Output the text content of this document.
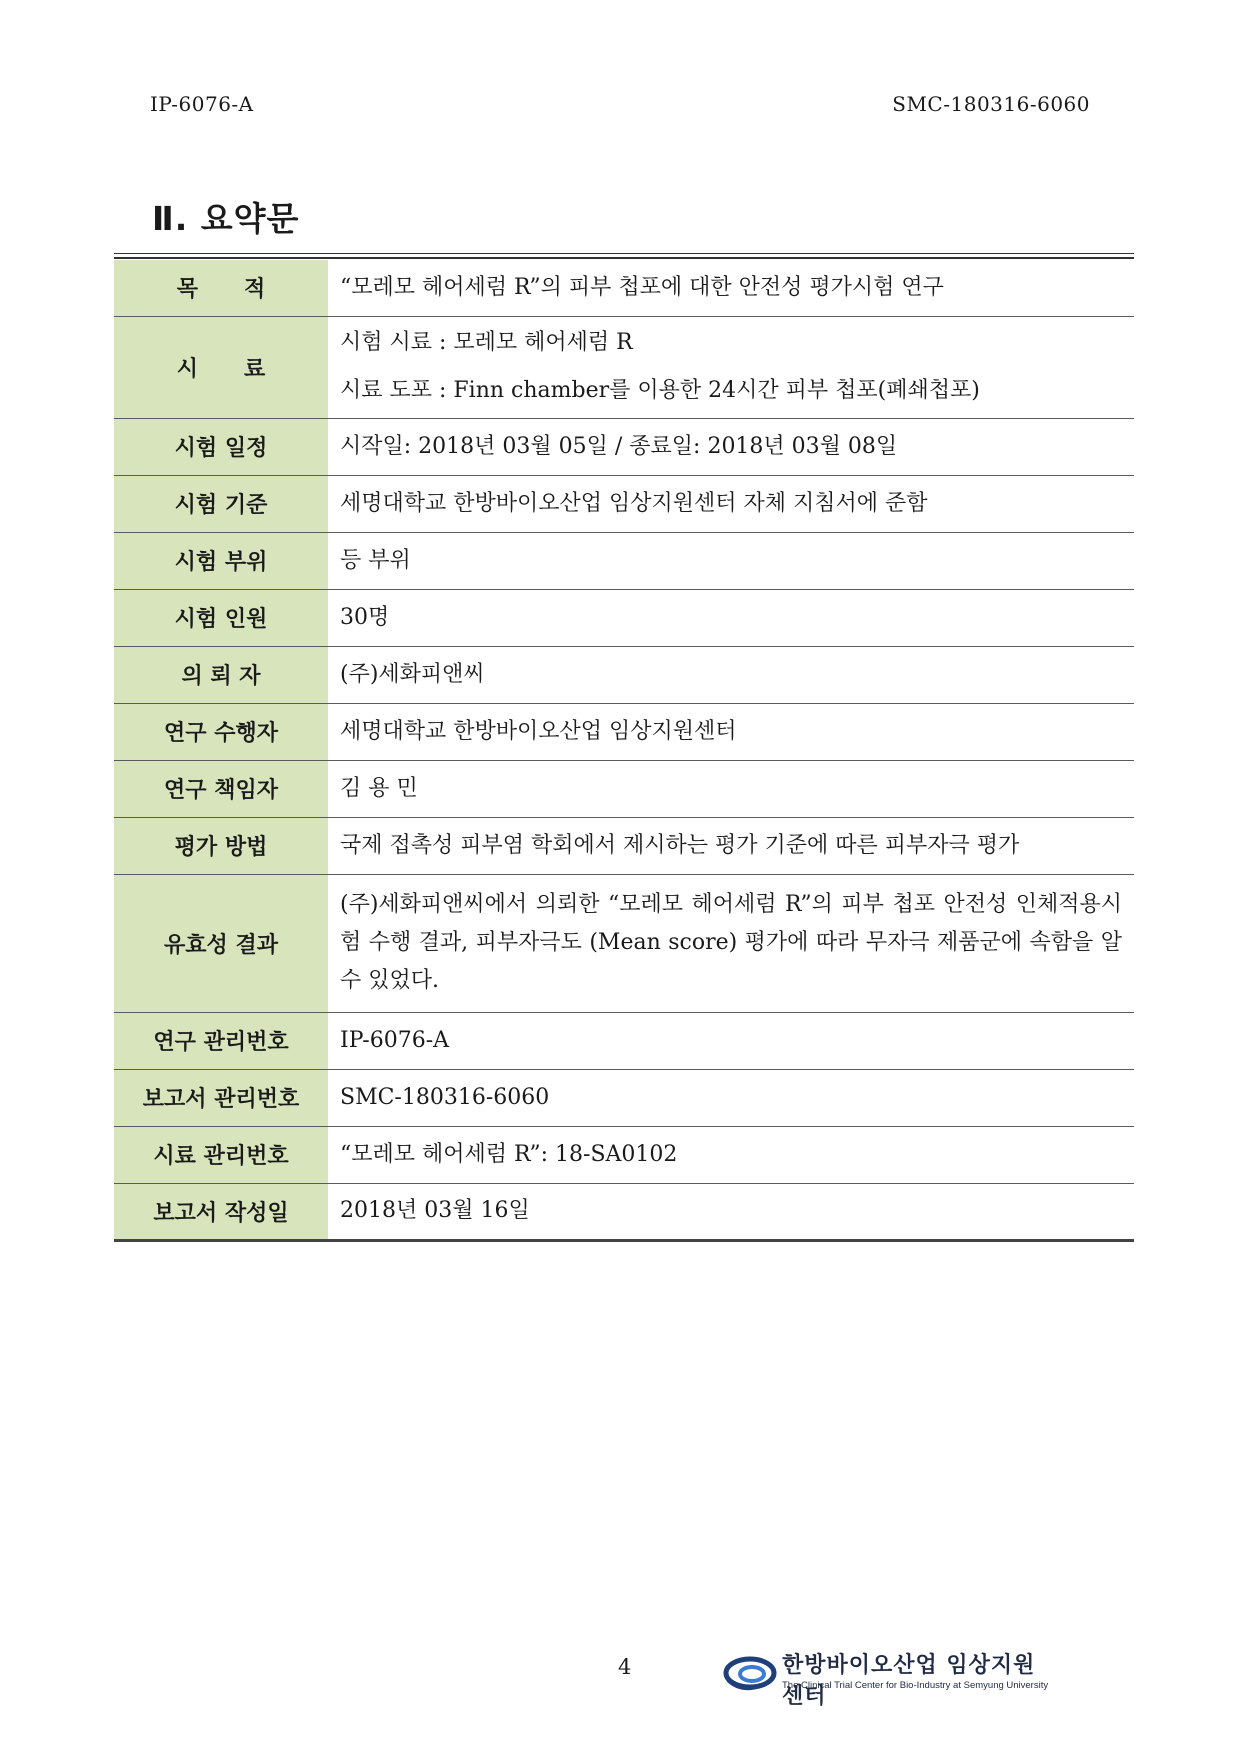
IP-6076-A	SMC-180316-6060
Ⅱ. 요약문
목      적	“모레모 헤어세럼 R”의 피부 첩포에 대한 안전성 평가시험 연구
시      료	시험 시료 : 모레모 헤어세럼 R
시료 도포 : Finn chamber를 이용한 24시간 피부 첩포(폐쇄첩포)

시험 일정	시작일: 2018년 03월 05일 / 종료일: 2018년 03월 08일
시험 기준	세명대학교 한방바이오산업 임상지원센터 자체 지침서에 준함
시험 부위	등 부위
시험 인원	30명
의 뢰 자	(주)세화피앤씨
연구 수행자	세명대학교 한방바이오산업 임상지원센터
연구 책임자	김 용 민
평가 방법	국제 접촉성 피부염 학회에서 제시하는 평가 기준에 따른 피부자극 평가
유효성 결과	(주)세화피앤씨에서 의뢰한 “모레모 헤어세럼 R”의 피부 첩포 안전성 인체적용시험 수행 결과, 피부자극도 (Mean score) 평가에 따라 무자극 제품군에 속함을 알 수 있었다.
연구 관리번호	IP-6076-A
보고서 관리번호	SMC-180316-6060
시료 관리번호	“모레모 헤어세럼 R”: 18-SA0102
보고서 작성일	2018년 03월 16일
4	한방바이오산업 임상지원센터
The Clinical Trial Center for Bio-Industry at Semyung University
